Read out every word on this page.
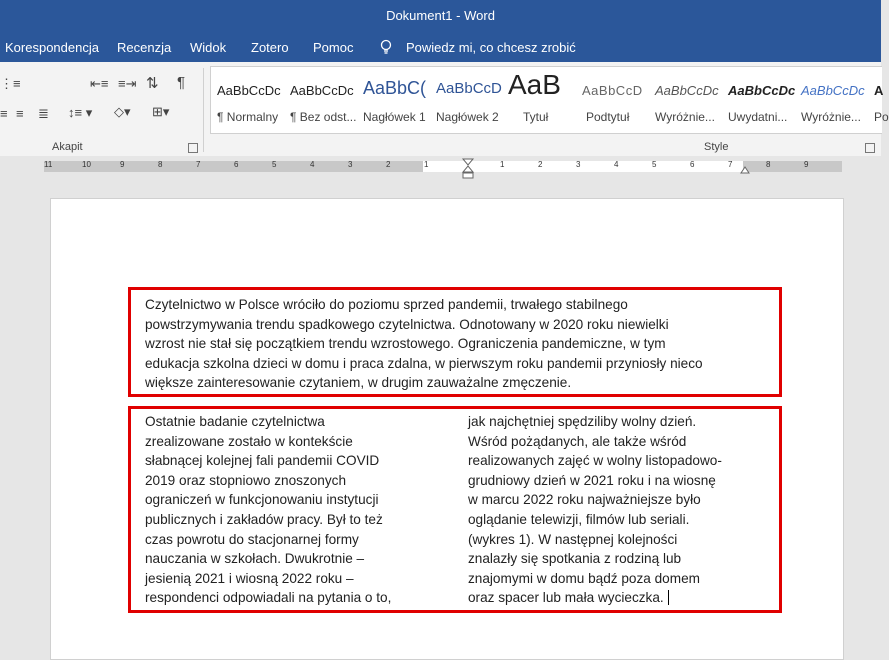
Dokument1 - Word
Korespondencja Recenzja Widok Zotero Pomoc	Powiedz mi, co chcesz zrobić
⋮≡	⇤≡ ≡⇥ ⇅ ¶
≡ ≡ ≣ ↕≡ ▾ ◇▾ ⊞▾
Akapit
AaBbCcDc
¶ Normalny
AaBbCcDc
¶ Bez odst...
AaBbC(
Nagłówek 1
AaBbCcD
Nagłówek 2
AaB
Tytuł
AaBbCcD
Podtytuł
AaBbCcDc
Wyróżnie...
AaBbCcDc
Uwydatni...
AaBbCcDc
Wyróżnie...
A
Po
Style
11	10	9	8	7	6	5	4	3	2	1	1	2	3	4	5	6	7	8	9
Czytelnictwo w Polsce wróciło do poziomu sprzed pandemii, trwałego stabilnego
powstrzymywania trendu spadkowego czytelnictwa. Odnotowany w 2020 roku niewielki
wzrost nie stał się początkiem trendu wzrostowego. Ograniczenia pandemiczne, w tym
edukacja szkolna dzieci w domu i praca zdalna, w pierwszym roku pandemii przyniosły nieco
większe zainteresowanie czytaniem, w drugim zauważalne zmęczenie.
Ostatnie badanie czytelnictwa
zrealizowane zostało w kontekście
słabnącej kolejnej fali pandemii COVID
2019 oraz stopniowo znoszonych
ograniczeń w funkcjonowaniu instytucji
publicznych i zakładów pracy. Był to też
czas powrotu do stacjonarnej formy
nauczania w szkołach. Dwukrotnie –
jesienią 2021 i wiosną 2022 roku –
respondenci odpowiadali na pytania o to,
jak najchętniej spędziliby wolny dzień.
Wśród pożądanych, ale także wśród
realizowanych zajęć w wolny listopadowo-
grudniowy dzień w 2021 roku i na wiosnę
w marcu 2022 roku najważniejsze było
oglądanie telewizji, filmów lub seriali.
(wykres 1). W następnej kolejności
znalazły się spotkania z rodziną lub
znajomymi w domu bądź poza domem
oraz spacer lub mała wycieczka.
